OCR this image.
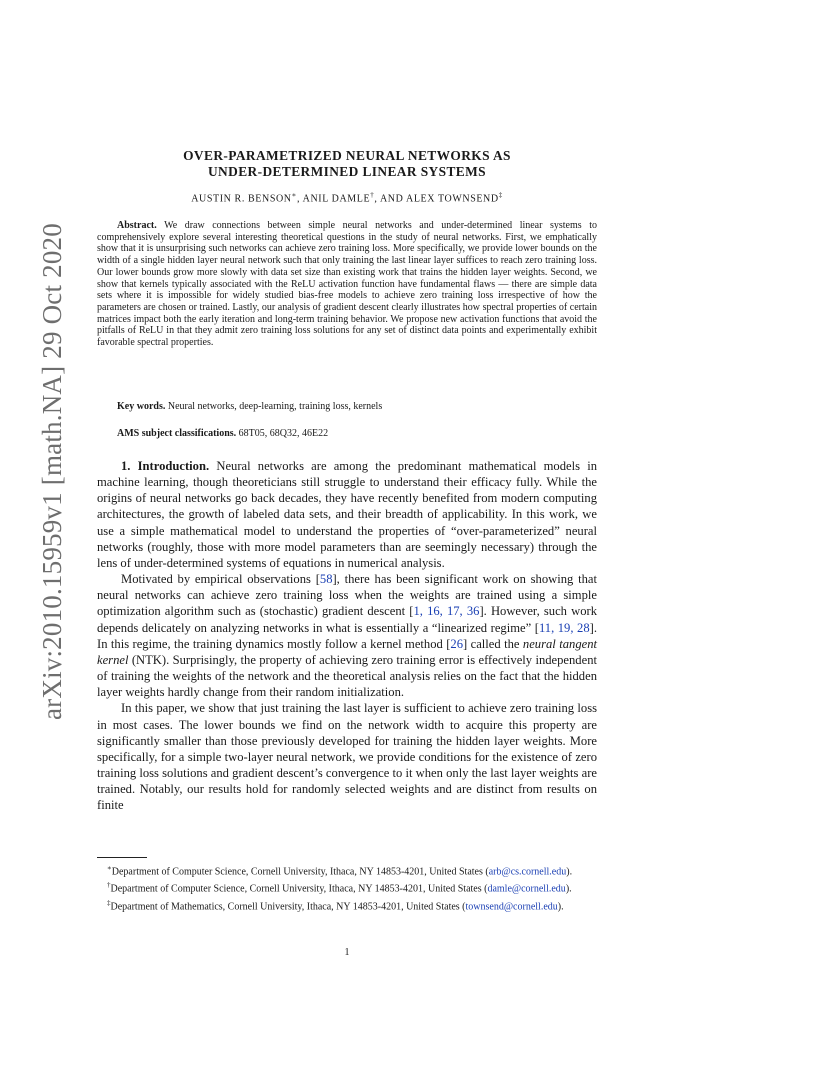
arXiv:2010.15959v1 [math.NA] 29 Oct 2020
OVER-PARAMETRIZED NEURAL NETWORKS AS
UNDER-DETERMINED LINEAR SYSTEMS
AUSTIN R. BENSON∗, ANIL DAMLE†, AND ALEX TOWNSEND‡
Abstract. We draw connections between simple neural networks and under-determined linear systems to comprehensively explore several interesting theoretical questions in the study of neural networks. First, we emphatically show that it is unsurprising such networks can achieve zero training loss. More specifically, we provide lower bounds on the width of a single hidden layer neural network such that only training the last linear layer suffices to reach zero training loss. Our lower bounds grow more slowly with data set size than existing work that trains the hidden layer weights. Second, we show that kernels typically associated with the ReLU activation function have fundamental flaws — there are simple data sets where it is impossible for widely studied bias-free models to achieve zero training loss irrespective of how the parameters are chosen or trained. Lastly, our analysis of gradient descent clearly illustrates how spectral properties of certain matrices impact both the early iteration and long-term training behavior. We propose new activation functions that avoid the pitfalls of ReLU in that they admit zero training loss solutions for any set of distinct data points and experimentally exhibit favorable spectral properties.
Key words. Neural networks, deep-learning, training loss, kernels
AMS subject classifications. 68T05, 68Q32, 46E22

1. Introduction. Neural networks are among the predominant mathematical models in machine learning, though theoreticians still struggle to understand their efficacy fully. While the origins of neural networks go back decades, they have recently benefited from modern computing architectures, the growth of labeled data sets, and their breadth of applicability. In this work, we use a simple mathematical model to understand the properties of “over-parameterized” neural networks (roughly, those with more model parameters than are seemingly necessary) through the lens of under-determined systems of equations in numerical analysis.

Motivated by empirical observations [58], there has been significant work on showing that neural networks can achieve zero training loss when the weights are trained using a simple optimization algorithm such as (stochastic) gradient descent [1, 16, 17, 36]. However, such work depends delicately on analyzing networks in what is essentially a “linearized regime” [11, 19, 28]. In this regime, the training dynamics mostly follow a kernel method [26] called the neural tangent kernel (NTK). Surprisingly, the property of achieving zero training error is effectively independent of training the weights of the network and the theoretical analysis relies on the fact that the hidden layer weights hardly change from their random initialization.

In this paper, we show that just training the last layer is sufficient to achieve zero training loss in most cases. The lower bounds we find on the network width to acquire this property are significantly smaller than those previously developed for training the hidden layer weights. More specifically, for a simple two-layer neural network, we provide conditions for the existence of zero training loss solutions and gradient descent’s convergence to it when only the last layer weights are trained. Notably, our results hold for randomly selected weights and are distinct from results on finite

∗Department of Computer Science, Cornell University, Ithaca, NY 14853-4201, United States (arb@cs.cornell.edu).

†Department of Computer Science, Cornell University, Ithaca, NY 14853-4201, United States (damle@cornell.edu).

‡Department of Mathematics, Cornell University, Ithaca, NY 14853-4201, United States (townsend@cornell.edu).

1
